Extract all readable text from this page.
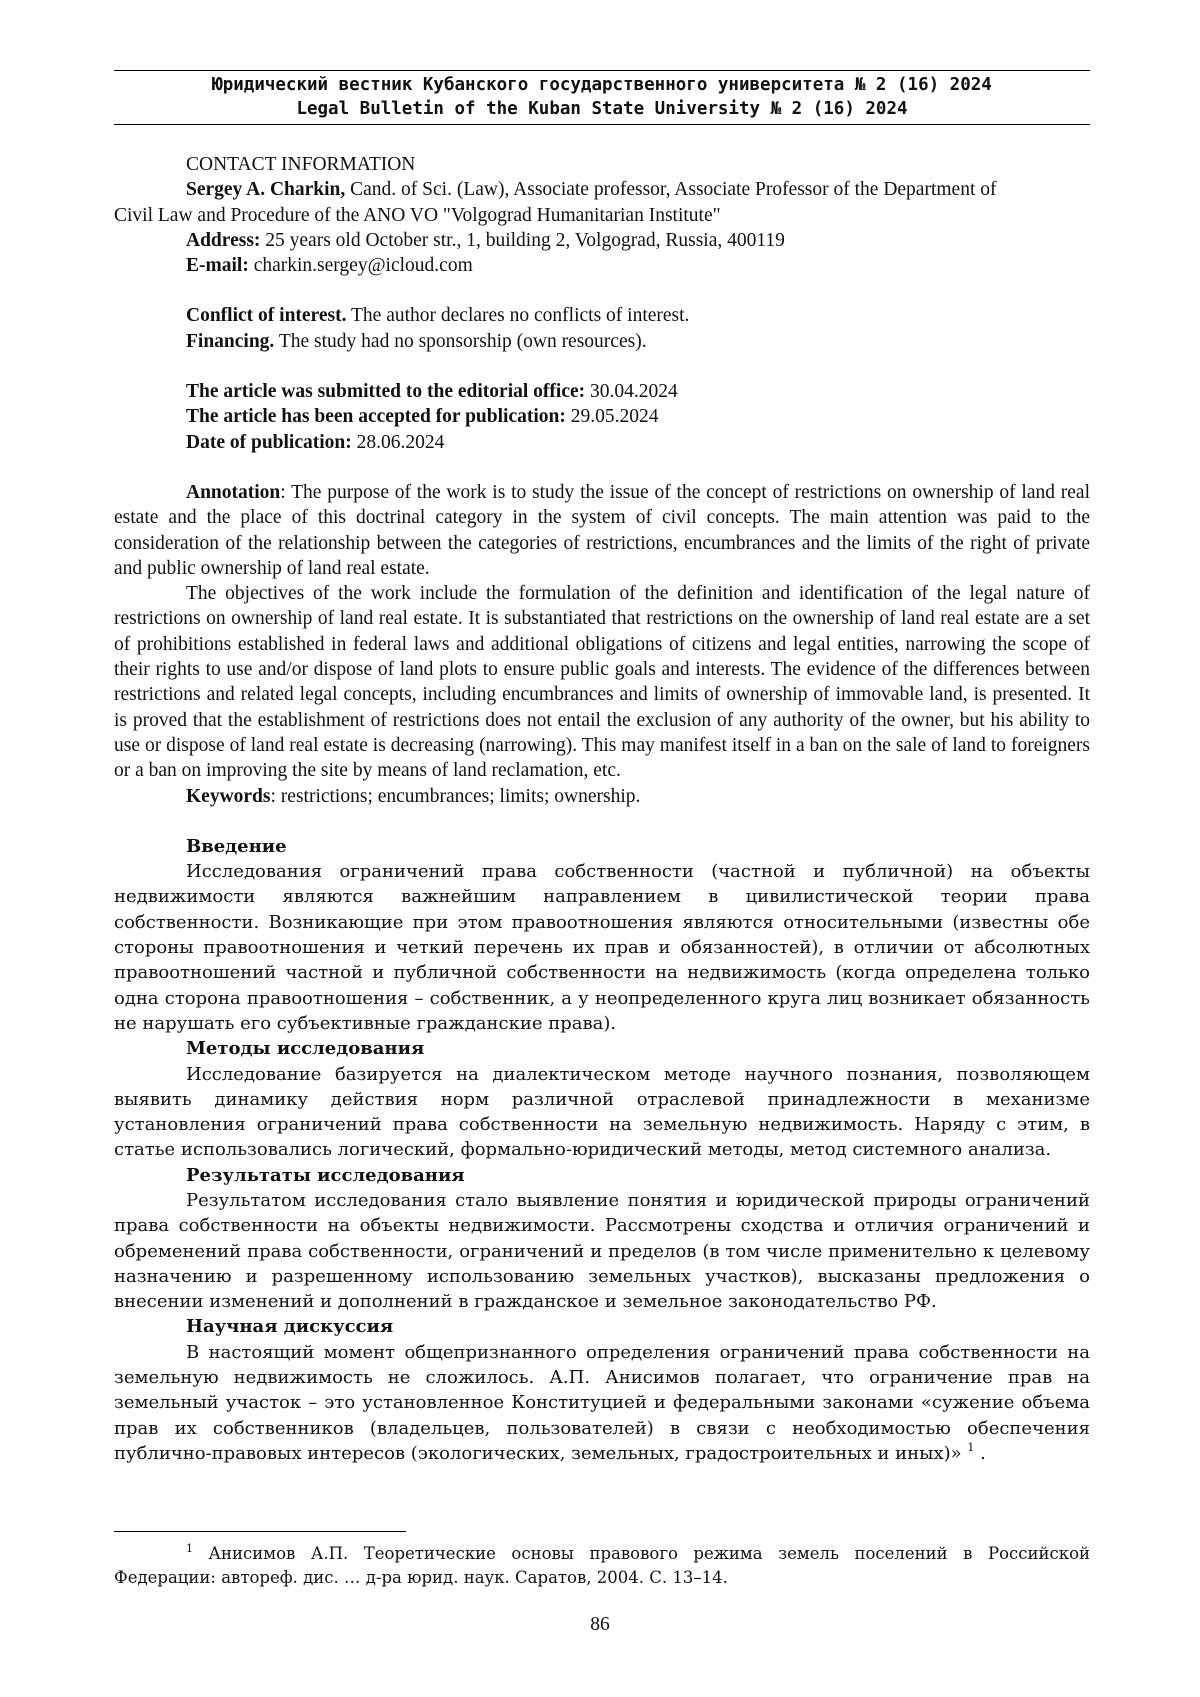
Юридический вестник Кубанского государственного университета № 2 (16) 2024
Legal Bulletin of the Kuban State University № 2 (16) 2024
CONTACT INFORMATION
Sergey A. Charkin, Cand. of Sci. (Law), Associate professor, Associate Professor of the Department of
Civil Law and Procedure of the ANO VO "Volgograd Humanitarian Institute"
Address: 25 years old October str., 1, building 2, Volgograd, Russia, 400119
E-mail: charkin.sergey@icloud.com
Conflict of interest. The author declares no conflicts of interest.
Financing. The study had no sponsorship (own resources).
The article was submitted to the editorial office: 30.04.2024
The article has been accepted for publication: 29.05.2024
Date of publication: 28.06.2024

Annotation: The purpose of the work is to study the issue of the concept of restrictions on ownership of land real estate and the place of this doctrinal category in the system of civil concepts. The main attention was paid to the consideration of the relationship between the categories of restrictions, encumbrances and the limits of the right of private and public ownership of land real estate.

The objectives of the work include the formulation of the definition and identification of the legal nature of restrictions on ownership of land real estate. It is substantiated that restrictions on the ownership of land real estate are a set of prohibitions established in federal laws and additional obligations of citizens and legal entities, narrowing the scope of their rights to use and/or dispose of land plots to ensure public goals and interests. The evidence of the differences between restrictions and related legal concepts, including encumbrances and limits of ownership of immovable land, is presented. It is proved that the establishment of restrictions does not entail the exclusion of any authority of the owner, but his ability to use or dispose of land real estate is decreasing (narrowing). This may manifest itself in a ban on the sale of land to foreigners or a ban on improving the site by means of land reclamation, etc.

Keywords: restrictions; encumbrances; limits; ownership.
Введение

Исследования ограничений права собственности (частной и публичной) на объекты недвижимости являются важнейшим направлением в цивилистической теории права собственности. Возникающие при этом правоотношения являются относительными (известны обе стороны правоотношения и четкий перечень их прав и обязанностей), в отличии от абсолютных правоотношений частной и публичной собственности на недвижимость (когда определена только одна сторона правоотношения – собственник, а у неопределенного круга лиц возникает обязанность не нарушать его субъективные гражданские права).

Методы исследования

Исследование базируется на диалектическом методе научного познания, позволяющем выявить динамику действия норм различной отраслевой принадлежности в механизме установления ограничений права собственности на земельную недвижимость. Наряду с этим, в статье использовались логический, формально-юридический методы, метод системного анализа.

Результаты исследования

Результатом исследования стало выявление понятия и юридической природы ограничений права собственности на объекты недвижимости. Рассмотрены сходства и отличия ограничений и обременений права собственности, ограничений и пределов (в том числе применительно к целевому назначению и разрешенному использованию земельных участков), высказаны предложения о внесении изменений и дополнений в гражданское и земельное законодательство РФ.

Научная дискуссия

В настоящий момент общепризнанного определения ограничений права собственности на земельную недвижимость не сложилось. А.П. Анисимов полагает, что ограничение прав на земельный участок – это установленное Конституцией и федеральными законами «сужение объема прав их собственников (владельцев, пользователей) в связи с необходимостью обеспечения публично-правовых интересов (экологических, земельных, градостроительных и иных)» $^1$ .

$^1$ Анисимов А.П. Теоретические основы правового режима земель поселений в Российской Федерации: автореф. дис. … д-ра юрид. наук. Саратов, 2004. С. 13–14.
86
